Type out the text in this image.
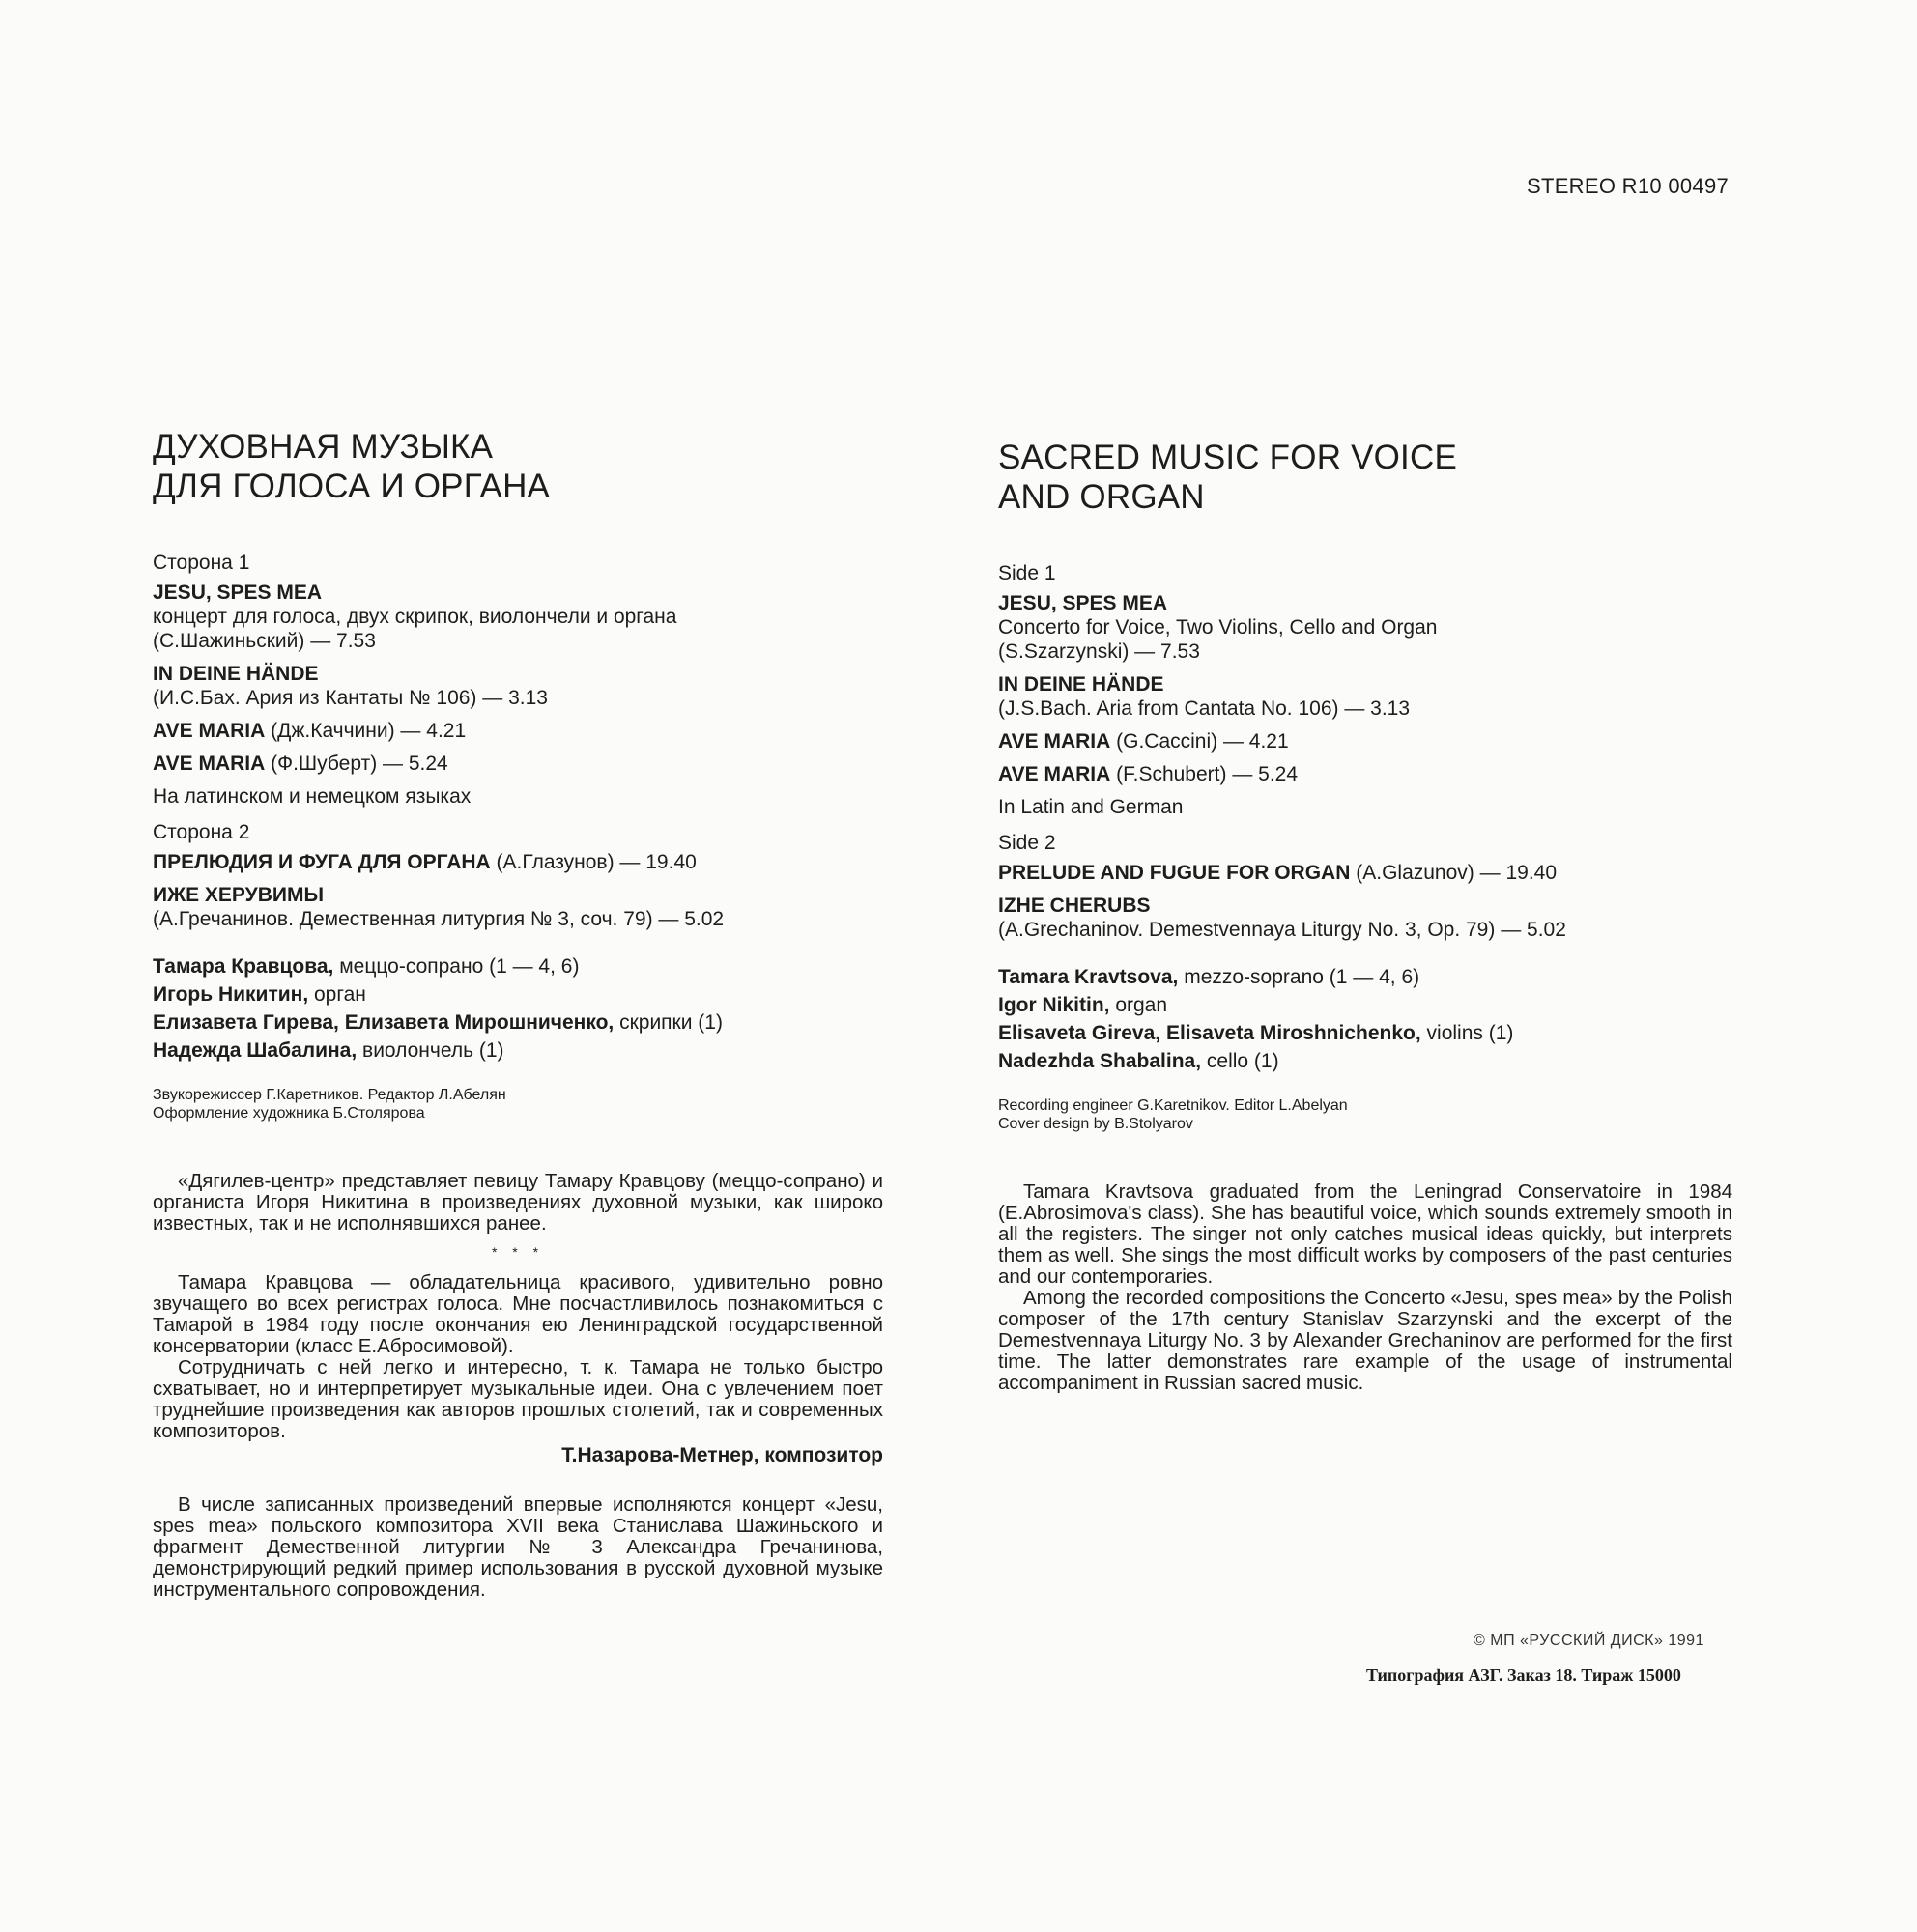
STEREO R10 00497
ДУХОВНАЯ МУЗЫКА
ДЛЯ ГОЛОСА И ОРГАНА
Сторона 1
JESU, SPES MEA
концерт для голоса, двух скрипок, виолончели и органа
(С.Шажиньский) — 7.53
IN DEINE HÄNDE
(И.С.Бах. Ария из Кантаты № 106) — 3.13
AVE MARIA (Дж.Каччини) — 4.21
AVE MARIA (Ф.Шуберт) — 5.24
На латинском и немецком языках
Сторона 2
ПРЕЛЮДИЯ И ФУГА ДЛЯ ОРГАНА (А.Глазунов) — 19.40
ИЖЕ ХЕРУВИМЫ
(А.Гречанинов. Демественная литургия № 3, соч. 79) — 5.02
Тамара Кравцова, меццо-сопрано (1 — 4, 6)
Игорь Никитин, орган
Елизавета Гирева, Елизавета Мирошниченко, скрипки (1)
Надежда Шабалина, виолончель (1)
Звукорежиссер Г.Каретников. Редактор Л.Абелян
Оформление художника Б.Столярова

«Дягилев-центр» представляет певицу Тамару Кравцову (меццо-сопрано) и органиста Игоря Никитина в произведениях духовной музыки, как широко известных, так и не исполнявшихся ранее.

* * *

Тамара Кравцова — обладательница красивого, удивительно ровно звучащего во всех регистрах голоса. Мне посчастливилось познакомиться с Тамарой в 1984 году после окончания ею Ленинградской государственной консерватории (класс Е.Абросимовой).

Сотрудничать с ней легко и интересно, т. к. Тамара не только быстро схватывает, но и интерпретирует музыкальные идеи. Она с увлечением поет труднейшие произведения как авторов прошлых столетий, так и современных композиторов.

Т.Назарова-Метнер, композитор

В числе записанных произведений впервые исполняются концерт «Jesu, spes mea» польского композитора XVII века Станислава Шажиньского и фрагмент Демественной литургии № 3 Александра Гречанинова, демонстрирующий редкий пример использования в русской духовной музыке инструментального сопровождения.

SACRED MUSIC FOR VOICE
AND ORGAN
Side 1
JESU, SPES MEA
Concerto for Voice, Two Violins, Cello and Organ
(S.Szarzynski) — 7.53
IN DEINE HÄNDE
(J.S.Bach. Aria from Cantata No. 106) — 3.13
AVE MARIA (G.Caccini) — 4.21
AVE MARIA (F.Schubert) — 5.24
In Latin and German
Side 2
PRELUDE AND FUGUE FOR ORGAN (A.Glazunov) — 19.40
IZHE CHERUBS
(A.Grechaninov. Demestvennaya Liturgy No. 3, Op. 79) — 5.02
Tamara Kravtsova, mezzo-soprano (1 — 4, 6)
Igor Nikitin, organ
Elisaveta Gireva, Elisaveta Miroshnichenko, violins (1)
Nadezhda Shabalina, cello (1)
Recording engineer G.Karetnikov. Editor L.Abelyan
Cover design by B.Stolyarov

Tamara Kravtsova graduated from the Leningrad Conservatoire in 1984 (E.Abrosimova's class). She has beautiful voice, which sounds extremely smooth in all the registers. The singer not only catches musical ideas quickly, but interprets them as well. She sings the most difficult works by composers of the past centuries and our contemporaries.

Among the recorded compositions the Concerto «Jesu, spes mea» by the Polish composer of the 17th century Stanislav Szarzynski and the excerpt of the Demestvennaya Liturgy No. 3 by Alexander Grechaninov are performed for the first time. The latter demonstrates rare example of the usage of instrumental accompaniment in Russian sacred music.

© МП «РУССКИЙ ДИСК» 1991
Типография АЗГ. Заказ 18. Тираж 15000
